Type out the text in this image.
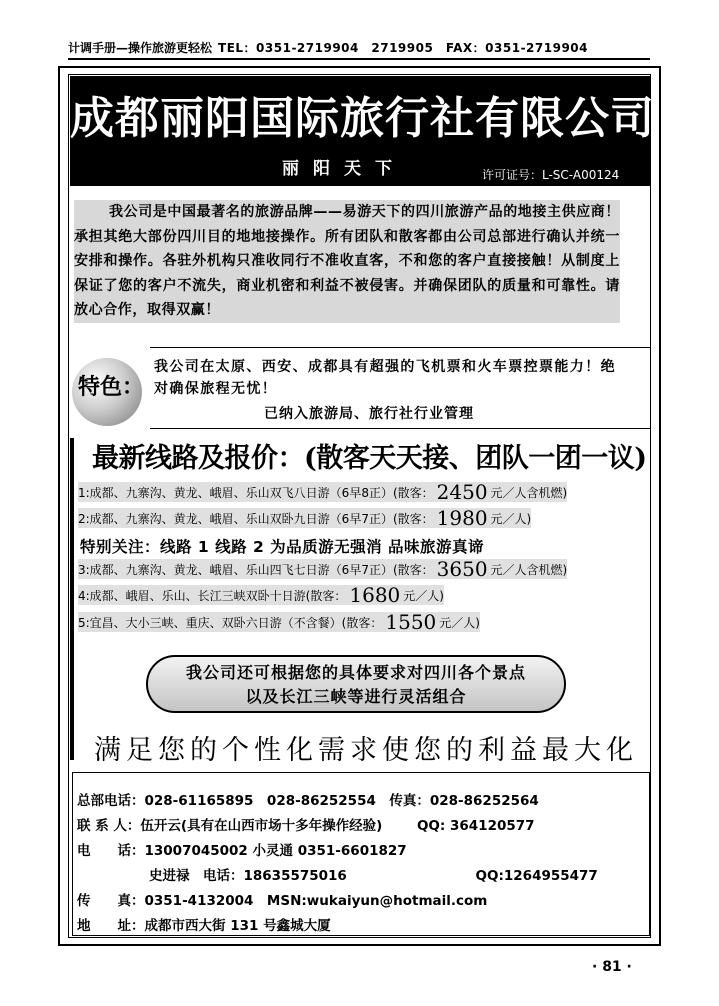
计调手册—操作旅游更轻松 TEL：0351-2719904　2719905　FAX：0351-2719904
成都丽阳国际旅行社有限公司
丽阳天下	许可证号：L-SC-A00124

我公司是中国最著名的旅游品牌——易游天下的四川旅游产品的地接主供应商！承担其绝大部份四川目的地地接操作。所有团队和散客都由公司总部进行确认并统一安排和操作。各驻外机构只准收同行不准收直客，不和您的客户直接接触！从制度上保证了您的客户不流失，商业机密和利益不被侵害。并确保团队的质量和可靠性。请放心合作，取得双赢！

特色：
我公司在太原、西安、成都具有超强的飞机票和火车票控票能力！绝对确保旅程无忧！
已纳入旅游局、旅行社行业管理
最新线路及报价：(散客天天接、团队一团一议)
1:成都、九寨沟、黄龙、峨眉、乐山双飞八日游（6早8正）(散客： 2450 元／人含机燃)
2:成都、九寨沟、黄龙、峨眉、乐山双卧九日游（6早7正）(散客： 1980 元／人)
特别关注：线路 1 线路 2 为品质游无强消 品味旅游真谛
3:成都、九寨沟、黄龙、峨眉、乐山四飞七日游（6早7正）(散客： 3650 元／人含机燃)
4:成都、峨眉、乐山、长江三峡双卧十日游(散客： 1680 元／人)
5:宜昌、大小三峡、重庆、双卧六日游（不含餐）(散客： 1550 元／人)
我公司还可根据您的具体要求对四川各个景点
以及长江三峡等进行灵活组合
满足您的个性化需求使您的利益最大化
总部电话：028-61165895　028-86252554　传真：028-86252564
联 系 人：伍开云(具有在山西市场十多年操作经验)	QQ: 364120577
电　　话：13007045002 小灵通 0351-6601827
史进禄　电话：18635575016	QQ:1264955477
传　　真：0351-4132004　MSN:wukaiyun@hotmail.com
地　　址：成都市西大街 131 号鑫城大厦
· 81 ·
